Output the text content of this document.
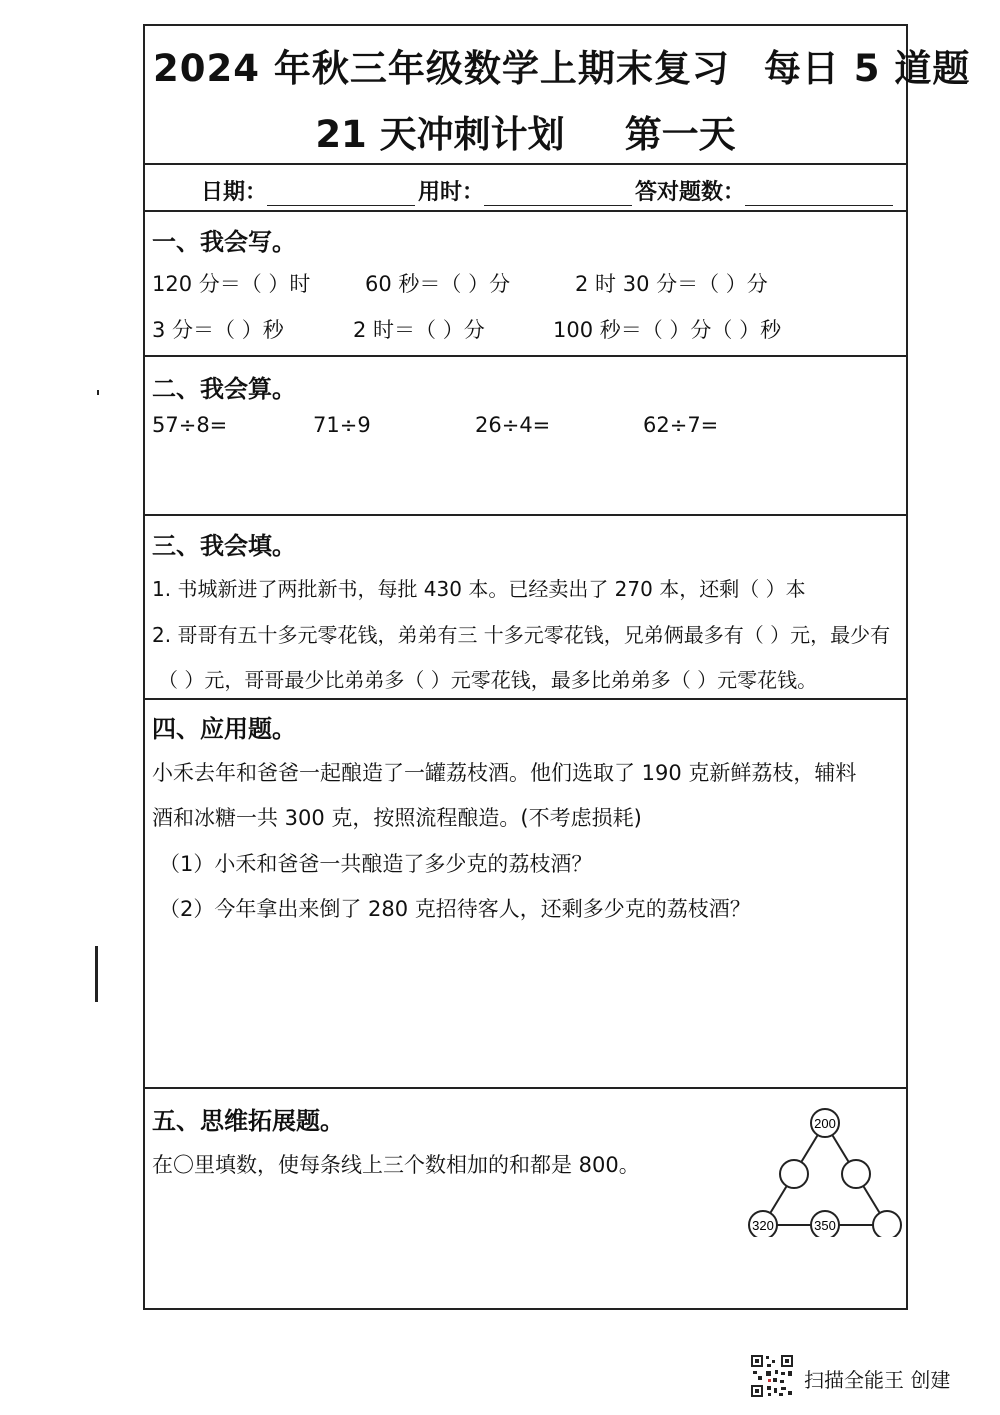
2024 年秋三年级数学上期末复习 每日 5 道题
21 天冲刺计划 第一天
日期：	用时：	答对题数：
一、我会写。
120 分＝（ ）时	60 秒＝（ ）分	2 时 30 分＝（ ）分
3 分＝（ ）秒	2 时＝（ ）分	100 秒＝（ ）分（ ）秒
二、我会算。
57÷8=	71÷9	26÷4=	62÷7=
三、我会填。
1. 书城新进了两批新书，每批 430 本。已经卖出了 270 本，还剩（ ）本
2. 哥哥有五十多元零花钱，弟弟有三 十多元零花钱，兄弟俩最多有（ ）元，最少有
（ ）元，哥哥最少比弟弟多（ ）元零花钱，最多比弟弟多（ ）元零花钱。
四、应用题。
小禾去年和爸爸一起酿造了一罐荔枝酒。他们选取了 190 克新鲜荔枝，辅料
酒和冰糖一共 300 克，按照流程酿造。(不考虑损耗)
（1）小禾和爸爸一共酿造了多少克的荔枝酒？
（2）今年拿出来倒了 280 克招待客人，还剩多少克的荔枝酒？
五、思维拓展题。
在〇里填数，使每条线上三个数相加的和都是 800。
200
320	350
扫描全能王 创建
